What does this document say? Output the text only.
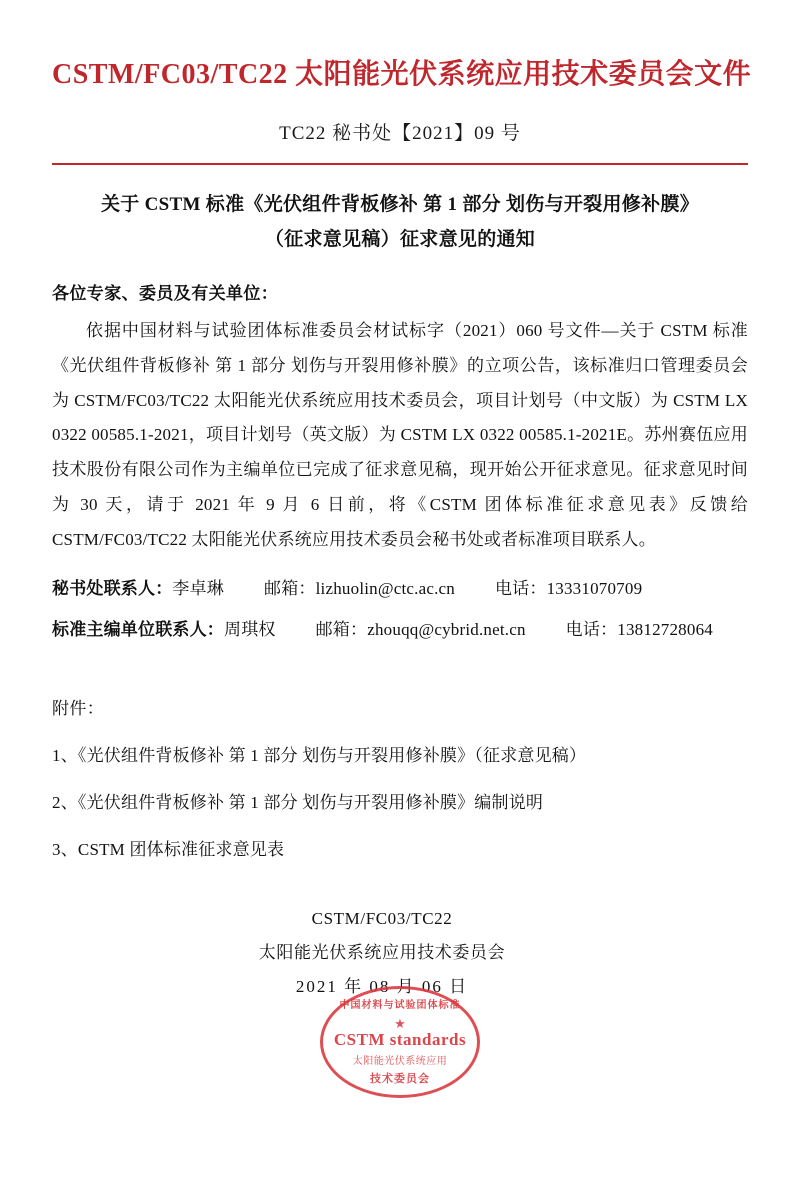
CSTM/FC03/TC22 太阳能光伏系统应用技术委员会文件
TC22 秘书处【2021】09 号
关于 CSTM 标准《光伏组件背板修补 第 1 部分 划伤与开裂用修补膜》
（征求意见稿）征求意见的通知
各位专家、委员及有关单位：
依据中国材料与试验团体标准委员会材试标字（2021）060 号文件—关于 CSTM 标准《光伏组件背板修补 第 1 部分 划伤与开裂用修补膜》的立项公告，该标准归口管理委员会为 CSTM/FC03/TC22 太阳能光伏系统应用技术委员会，项目计划号（中文版）为 CSTM LX 0322 00585.1-2021，项目计划号（英文版）为 CSTM LX 0322 00585.1-2021E。苏州赛伍应用技术股份有限公司作为主编单位已完成了征求意见稿，现开始公开征求意见。征求意见时间为 30 天，请于 2021 年 9 月 6 日前，将《CSTM 团体标准征求意见表》反馈给 CSTM/FC03/TC22 太阳能光伏系统应用技术委员会秘书处或者标准项目联系人。
秘书处联系人：李卓琳 邮箱：lizhuolin@ctc.ac.cn 电话：13331070709
标准主编单位联系人：周琪权 邮箱：zhouqq@cybrid.net.cn 电话：13812728064
附件：
1、《光伏组件背板修补 第 1 部分 划伤与开裂用修补膜》（征求意见稿）
2、《光伏组件背板修补 第 1 部分 划伤与开裂用修补膜》编制说明
3、CSTM 团体标准征求意见表
CSTM/FC03/TC22
太阳能光伏系统应用技术委员会
2021 年 08 月 06 日
中国材料与试验团体标准
★
CSTM standards
太阳能光伏系统应用
技术委员会
